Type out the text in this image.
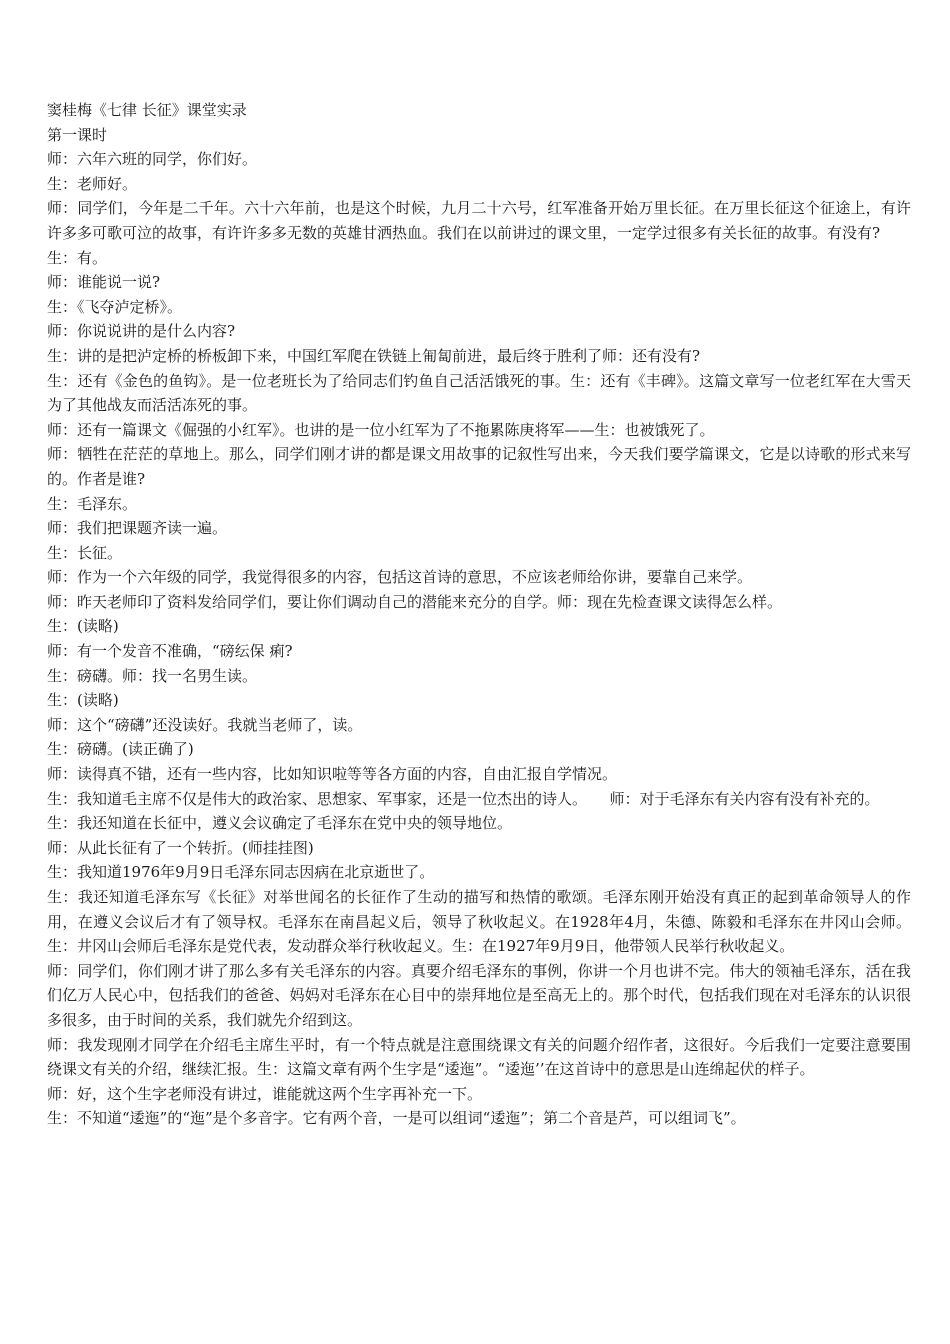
窦桂梅《七律 长征》课堂实录

第一课时

师：六年六班的同学，你们好。

生：老师好。

师：同学们，今年是二千年。六十六年前，也是这个时候，九月二十六号，红军准备开始万里长征。在万里长征这个征途上，有许许多多可歌可泣的故事，有许许多多无数的英雄甘洒热血。我们在以前讲过的课文里，一定学过很多有关长征的故事。有没有?

生：有。

师：谁能说一说?

生：《飞夺泸定桥》。

师：你说说讲的是什么内容?

生：讲的是把泸定桥的桥板卸下来，中国红军爬在铁链上匍匐前进，最后终于胜利了师：还有没有?

生：还有《金色的鱼钩》。是一位老班长为了给同志们钓鱼自己活活饿死的事。生：还有《丰碑》。这篇文章写一位老红军在大雪天为了其他战友而活活冻死的事。

师：还有一篇课文《倔强的小红军》。也讲的是一位小红军为了不拖累陈庚将军——生：也被饿死了。

师：牺牲在茫茫的草地上。那么，同学们刚才讲的都是课文用故事的记叙性写出来，今天我们要学篇课文，它是以诗歌的形式来写的。作者是谁?

生：毛泽东。

师：我们把课题齐读一遍。

生：长征。

师：作为一个六年级的同学，我觉得很多的内容，包括这首诗的意思，不应该老师给你讲，要靠自己来学。

师：昨天老师印了资料发给同学们，要让你们调动自己的潜能来充分的自学。师：现在先检查课文读得怎么样。

生：(读略)

师：有一个发音不准确，“磅纭保 痢?

生：磅礴。师：找一名男生读。

生：(读略)

师：这个“磅礴”还没读好。我就当老师了，读。

生：磅礴。(读正确了)

师：读得真不错，还有一些内容，比如知识啦等等各方面的内容，自由汇报自学情况。

生：我知道毛主席不仅是伟大的政治家、思想家、军事家，还是一位杰出的诗人。　　师：对于毛泽东有关内容有没有补充的。

生：我还知道在长征中，遵义会议确定了毛泽东在党中央的领导地位。

师：从此长征有了一个转折。(师挂挂图)

生：我知道1976年9月9日毛泽东同志因病在北京逝世了。

生：我还知道毛泽东写《长征》对举世闻名的长征作了生动的描写和热情的歌颂。毛泽东刚开始没有真正的起到革命领导人的作用，在遵义会议后才有了领导权。毛泽东在南昌起义后，领导了秋收起义。在1928年4月，朱德、陈毅和毛泽东在井冈山会师。生：井冈山会师后毛泽东是党代表，发动群众举行秋收起义。生：在1927年9月9日，他带领人民举行秋收起义。

师：同学们，你们刚才讲了那么多有关毛泽东的内容。真要介绍毛泽东的事例，你讲一个月也讲不完。伟大的领袖毛泽东，活在我们亿万人民心中，包括我们的爸爸、妈妈对毛泽东在心目中的崇拜地位是至高无上的。那个时代，包括我们现在对毛泽东的认识很多很多，由于时间的关系，我们就先介绍到这。

师：我发现刚才同学在介绍毛主席生平时，有一个特点就是注意围绕课文有关的问题介绍作者，这很好。今后我们一定要注意要围绕课文有关的介绍，继续汇报。生：这篇文章有两个生字是“逶迤”。“逶迤’’在这首诗中的意思是山连绵起伏的样子。

师：好，这个生字老师没有讲过，谁能就这两个生字再补充一下。

生：不知道“逶迤”的“迤”是个多音字。它有两个音，一是可以组词“逶迤”；第二个音是芦，可以组词飞”。
